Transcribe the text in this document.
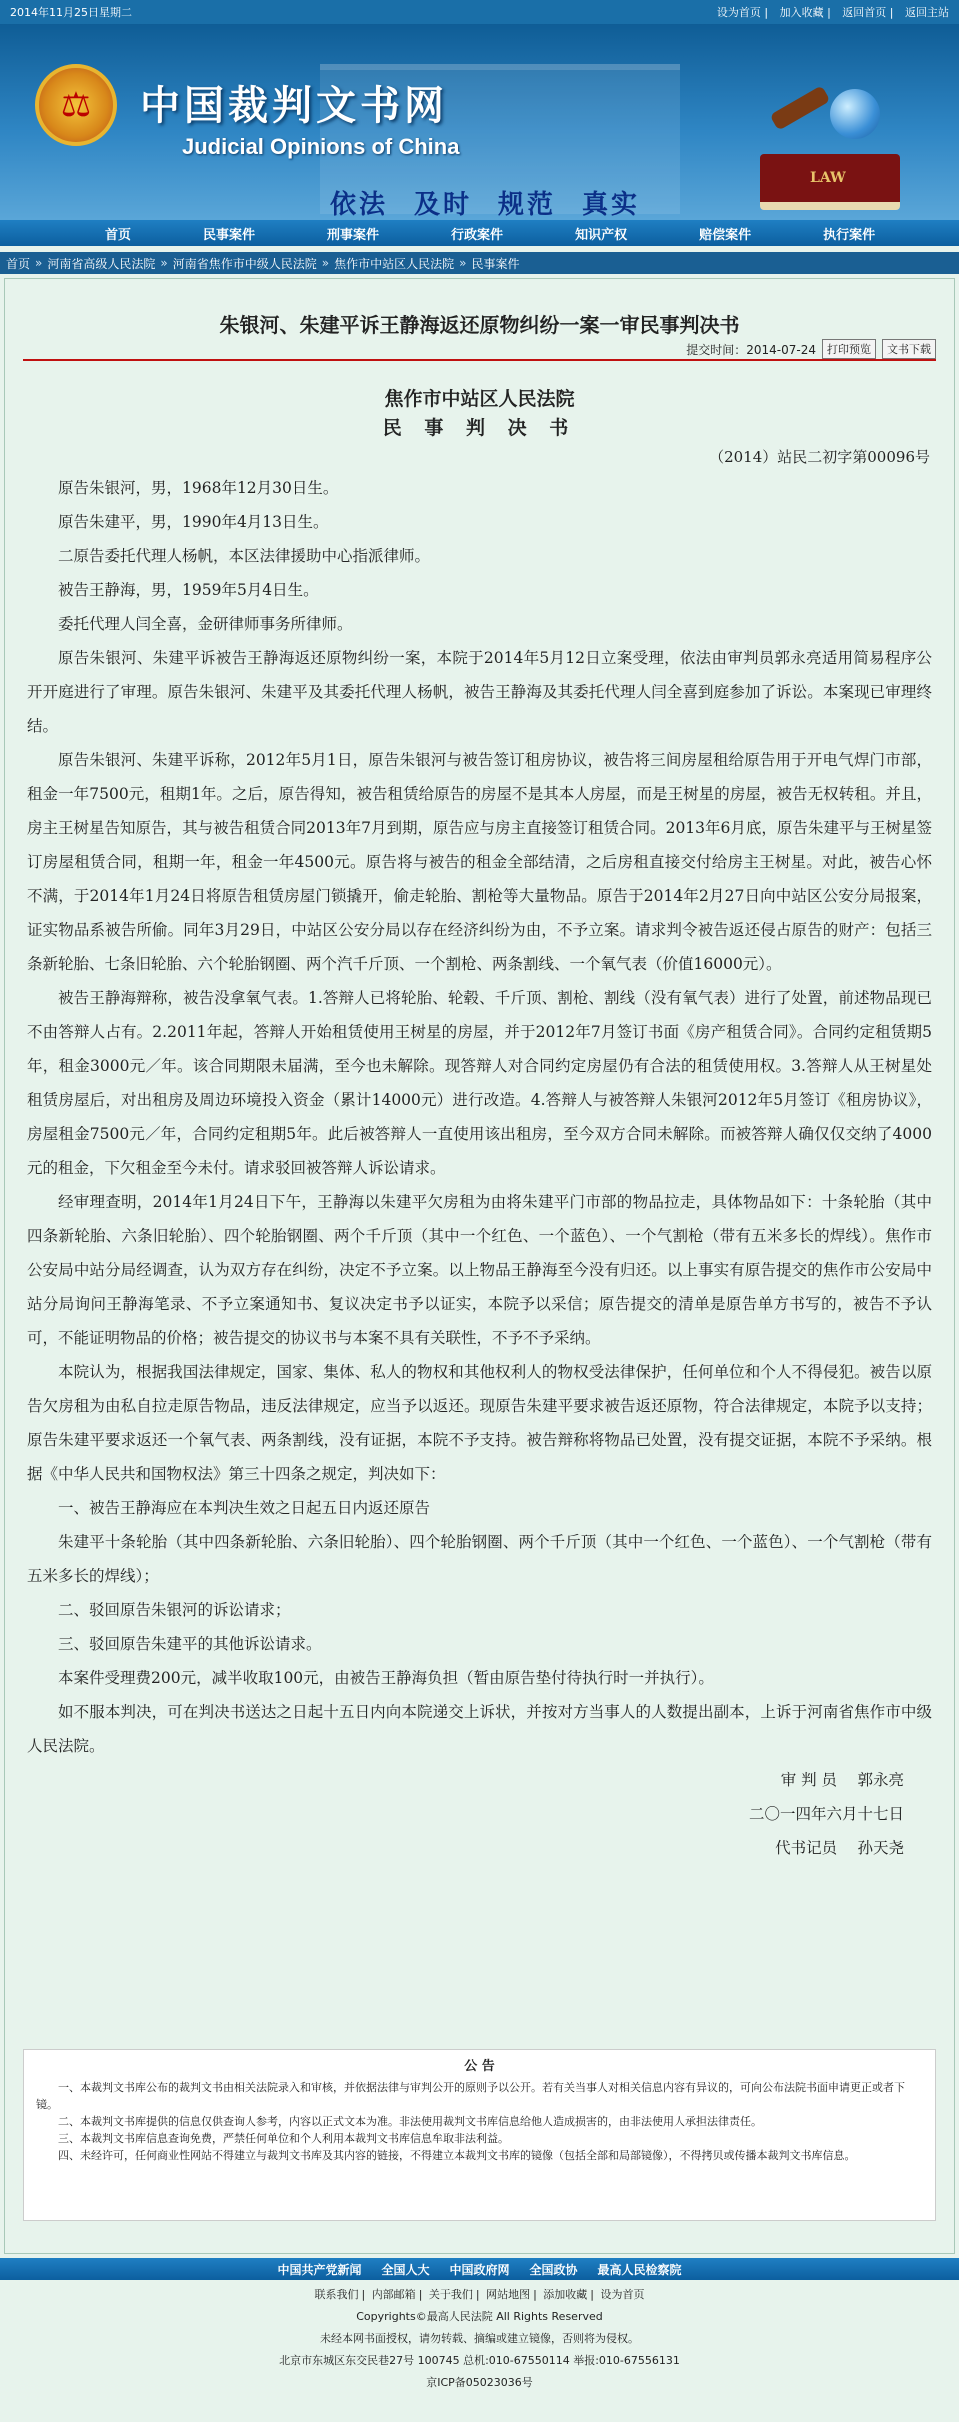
2014年11月25日星期二	设为首页 | 加入收藏 | 返回首页 | 返回主站
⚖	中国裁判文书网
Judicial Opinions of China
依法 及时 规范 真实
LAW
首页	民事案件	刑事案件	行政案件	知识产权	赔偿案件	执行案件
首页 » 河南省高级人民法院 » 河南省焦作市中级人民法院 » 焦作市中站区人民法院 » 民事案件
朱银河、朱建平诉王静海返还原物纠纷一案一审民事判决书
提交时间：2014-07-24	打印预览	文书下载
焦作市中站区人民法院
民 事 判 决 书
（2014）站民二初字第00096号

原告朱银河，男，1968年12月30日生。

原告朱建平，男，1990年4月13日生。

二原告委托代理人杨帆，本区法律援助中心指派律师。

被告王静海，男，1959年5月4日生。

委托代理人闫全喜，金研律师事务所律师。

原告朱银河、朱建平诉被告王静海返还原物纠纷一案，本院于2014年5月12日立案受理，依法由审判员郭永亮适用简易程序公开开庭进行了审理。原告朱银河、朱建平及其委托代理人杨帆，被告王静海及其委托代理人闫全喜到庭参加了诉讼。本案现已审理终结。

原告朱银河、朱建平诉称，2012年5月1日，原告朱银河与被告签订租房协议，被告将三间房屋租给原告用于开电气焊门市部，租金一年7500元，租期1年。之后，原告得知，被告租赁给原告的房屋不是其本人房屋，而是王树星的房屋，被告无权转租。并且，房主王树星告知原告，其与被告租赁合同2013年7月到期，原告应与房主直接签订租赁合同。2013年6月底，原告朱建平与王树星签订房屋租赁合同，租期一年，租金一年4500元。原告将与被告的租金全部结清，之后房租直接交付给房主王树星。对此，被告心怀不满，于2014年1月24日将原告租赁房屋门锁撬开，偷走轮胎、割枪等大量物品。原告于2014年2月27日向中站区公安分局报案，证实物品系被告所偷。同年3月29日，中站区公安分局以存在经济纠纷为由，不予立案。请求判令被告返还侵占原告的财产：包括三条新轮胎、七条旧轮胎、六个轮胎钢圈、两个汽千斤顶、一个割枪、两条割线、一个氧气表（价值16000元）。

被告王静海辩称，被告没拿氧气表。1.答辩人已将轮胎、轮毂、千斤顶、割枪、割线（没有氧气表）进行了处置，前述物品现已不由答辩人占有。2.2011年起，答辩人开始租赁使用王树星的房屋，并于2012年7月签订书面《房产租赁合同》。合同约定租赁期5年，租金3000元／年。该合同期限未届满，至今也未解除。现答辩人对合同约定房屋仍有合法的租赁使用权。3.答辩人从王树星处租赁房屋后，对出租房及周边环境投入资金（累计14000元）进行改造。4.答辩人与被答辩人朱银河2012年5月签订《租房协议》，房屋租金7500元／年，合同约定租期5年。此后被答辩人一直使用该出租房，至今双方合同未解除。而被答辩人确仅仅交纳了4000元的租金，下欠租金至今未付。请求驳回被答辩人诉讼请求。

经审理查明，2014年1月24日下午，王静海以朱建平欠房租为由将朱建平门市部的物品拉走，具体物品如下：十条轮胎（其中四条新轮胎、六条旧轮胎）、四个轮胎钢圈、两个千斤顶（其中一个红色、一个蓝色）、一个气割枪（带有五米多长的焊线）。焦作市公安局中站分局经调查，认为双方存在纠纷，决定不予立案。以上物品王静海至今没有归还。以上事实有原告提交的焦作市公安局中站分局询问王静海笔录、不予立案通知书、复议决定书予以证实，本院予以采信；原告提交的清单是原告单方书写的，被告不予认可，不能证明物品的价格；被告提交的协议书与本案不具有关联性，不予不予采纳。

本院认为，根据我国法律规定，国家、集体、私人的物权和其他权利人的物权受法律保护，任何单位和个人不得侵犯。被告以原告欠房租为由私自拉走原告物品，违反法律规定，应当予以返还。现原告朱建平要求被告返还原物，符合法律规定，本院予以支持；原告朱建平要求返还一个氧气表、两条割线，没有证据，本院不予支持。被告辩称将物品已处置，没有提交证据，本院不予采纳。根据《中华人民共和国物权法》第三十四条之规定，判决如下：

一、被告王静海应在本判决生效之日起五日内返还原告

朱建平十条轮胎（其中四条新轮胎、六条旧轮胎）、四个轮胎钢圈、两个千斤顶（其中一个红色、一个蓝色）、一个气割枪（带有五米多长的焊线）；

二、驳回原告朱银河的诉讼请求；

三、驳回原告朱建平的其他诉讼请求。

本案件受理费200元，减半收取100元，由被告王静海负担（暂由原告垫付待执行时一并执行）。

如不服本判决，可在判决书送达之日起十五日内向本院递交上诉状，并按对方当事人的人数提出副本，上诉于河南省焦作市中级人民法院。

审 判 员　 郭永亮
二〇一四年六月十七日
代书记员　 孙天尧
公 告

一、本裁判文书库公布的裁判文书由相关法院录入和审核，并依据法律与审判公开的原则予以公开。若有关当事人对相关信息内容有异议的，可向公布法院书面申请更正或者下镜。

二、本裁判文书库提供的信息仅供查询人参考，内容以正式文本为准。非法使用裁判文书库信息给他人造成损害的，由非法使用人承担法律责任。

三、本裁判文书库信息查询免费，严禁任何单位和个人利用本裁判文书库信息牟取非法利益。

四、未经许可，任何商业性网站不得建立与裁判文书库及其内容的链接，不得建立本裁判文书库的镜像（包括全部和局部镜像），不得拷贝或传播本裁判文书库信息。

中国共产党新闻 全国人大 中国政府网 全国政协 最高人民检察院
联系我们 | 内部邮箱 | 关于我们 | 网站地图 | 添加收藏 | 设为首页
Copyrights©最高人民法院 All Rights Reserved
未经本网书面授权，请勿转载、摘编或建立镜像，否则将为侵权。
北京市东城区东交民巷27号 100745 总机:010-67550114 举报:010-67556131
京ICP备05023036号
